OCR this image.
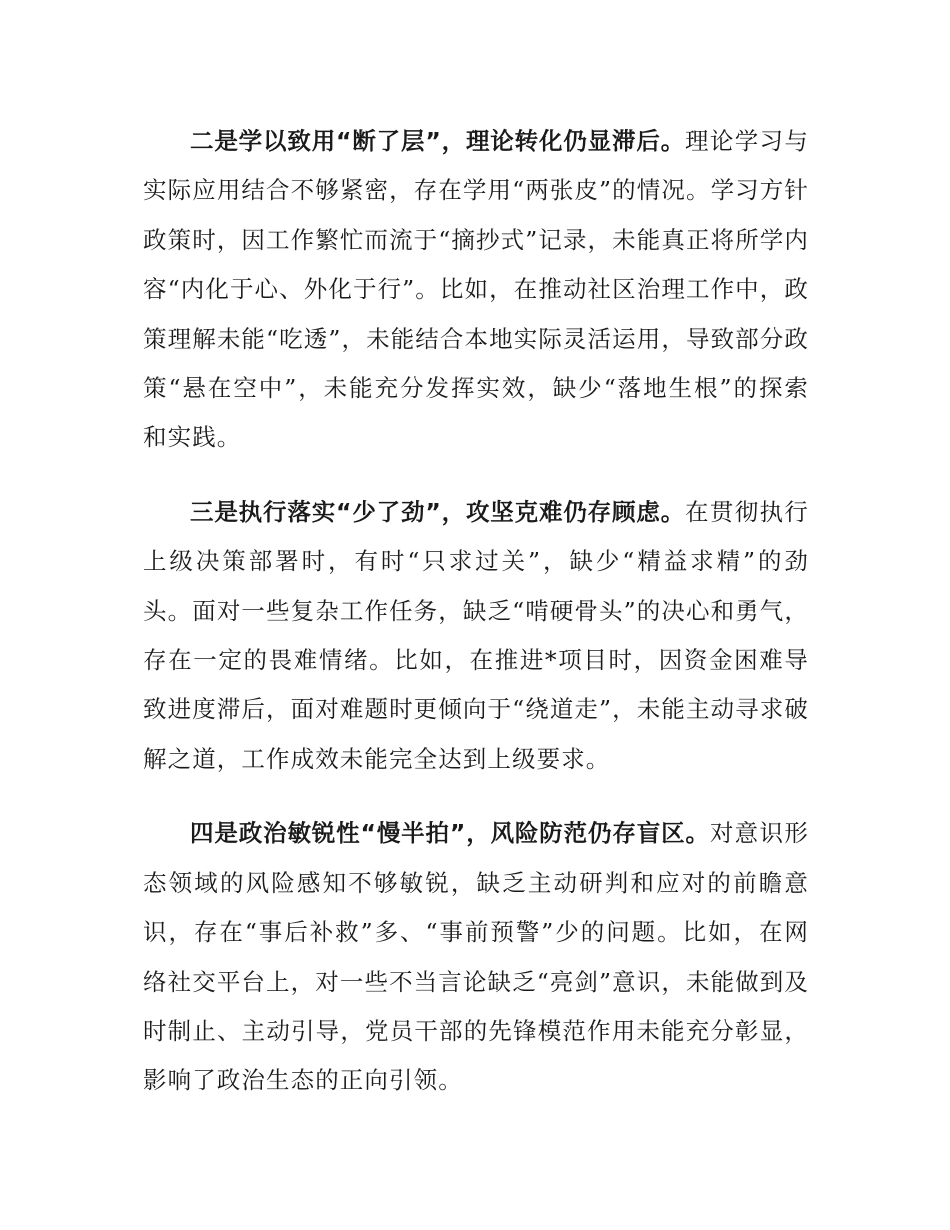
二是学以致用“断了层”，理论转化仍显滞后。理论学习与实际应用结合不够紧密，存在学用“两张皮”的情况。学习方针政策时，因工作繁忙而流于“摘抄式”记录，未能真正将所学内容“内化于心、外化于行”。比如，在推动社区治理工作中，政策理解未能“吃透”，未能结合本地实际灵活运用，导致部分政策“悬在空中”，未能充分发挥实效，缺少“落地生根”的探索和实践。

三是执行落实“少了劲”，攻坚克难仍存顾虑。在贯彻执行上级决策部署时，有时“只求过关”，缺少“精益求精”的劲头。面对一些复杂工作任务，缺乏“啃硬骨头”的决心和勇气，存在一定的畏难情绪。比如，在推进*项目时，因资金困难导致进度滞后，面对难题时更倾向于“绕道走”，未能主动寻求破解之道，工作成效未能完全达到上级要求。

四是政治敏锐性“慢半拍”，风险防范仍存盲区。对意识形态领域的风险感知不够敏锐，缺乏主动研判和应对的前瞻意识，存在“事后补救”多、“事前预警”少的问题。比如，在网络社交平台上，对一些不当言论缺乏“亮剑”意识，未能做到及时制止、主动引导，党员干部的先锋模范作用未能充分彰显，影响了政治生态的正向引领。
